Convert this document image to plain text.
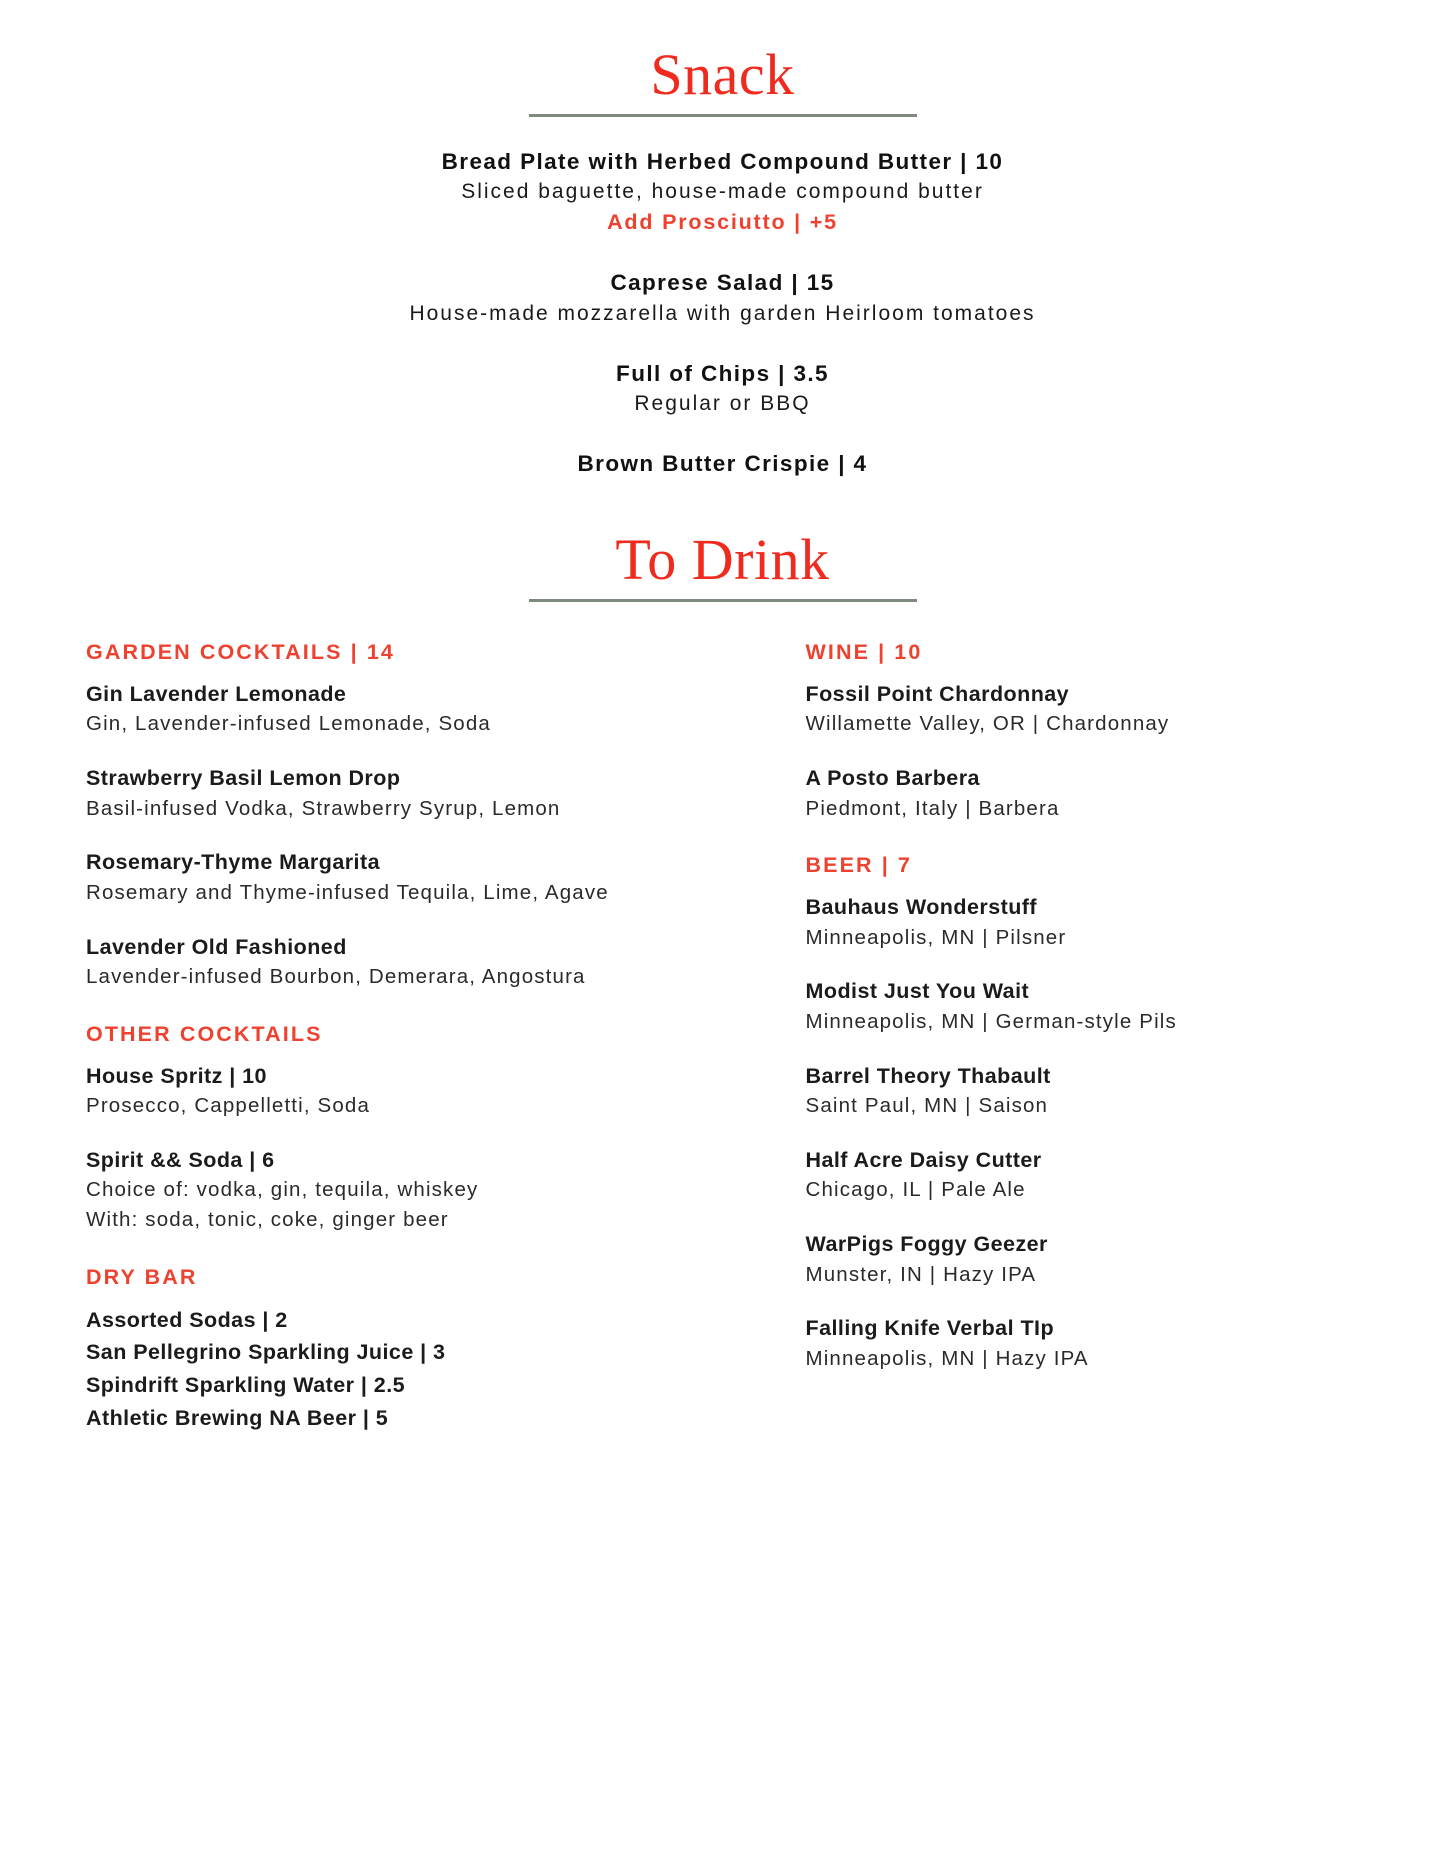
Snack
Bread Plate with Herbed Compound Butter | 10
Sliced baguette, house-made compound butter
Add Prosciutto | +5
Caprese Salad | 15
House-made mozzarella with garden Heirloom tomatoes
Full of Chips | 3.5
Regular or BBQ
Brown Butter Crispie | 4
To Drink
GARDEN COCKTAILS | 14
Gin Lavender Lemonade
Gin, Lavender-infused Lemonade, Soda
Strawberry Basil Lemon Drop
Basil-infused Vodka, Strawberry Syrup, Lemon
Rosemary-Thyme Margarita
Rosemary and Thyme-infused Tequila, Lime, Agave
Lavender Old Fashioned
Lavender-infused Bourbon, Demerara, Angostura
OTHER COCKTAILS
House Spritz | 10
Prosecco, Cappelletti, Soda
Spirit && Soda | 6
Choice of: vodka, gin, tequila, whiskey
With: soda, tonic, coke, ginger beer
DRY BAR
Assorted Sodas | 2
San Pellegrino Sparkling Juice | 3
Spindrift Sparkling Water | 2.5
Athletic Brewing NA Beer | 5
WINE | 10
Fossil Point Chardonnay
Willamette Valley, OR | Chardonnay
A Posto Barbera
Piedmont, Italy | Barbera
BEER | 7
Bauhaus Wonderstuff
Minneapolis, MN | Pilsner
Modist Just You Wait
Minneapolis, MN | German-style Pils
Barrel Theory Thabault
Saint Paul, MN | Saison
Half Acre Daisy Cutter
Chicago, IL | Pale Ale
WarPigs Foggy Geezer
Munster, IN | Hazy IPA
Falling Knife Verbal TIp
Minneapolis, MN | Hazy IPA
